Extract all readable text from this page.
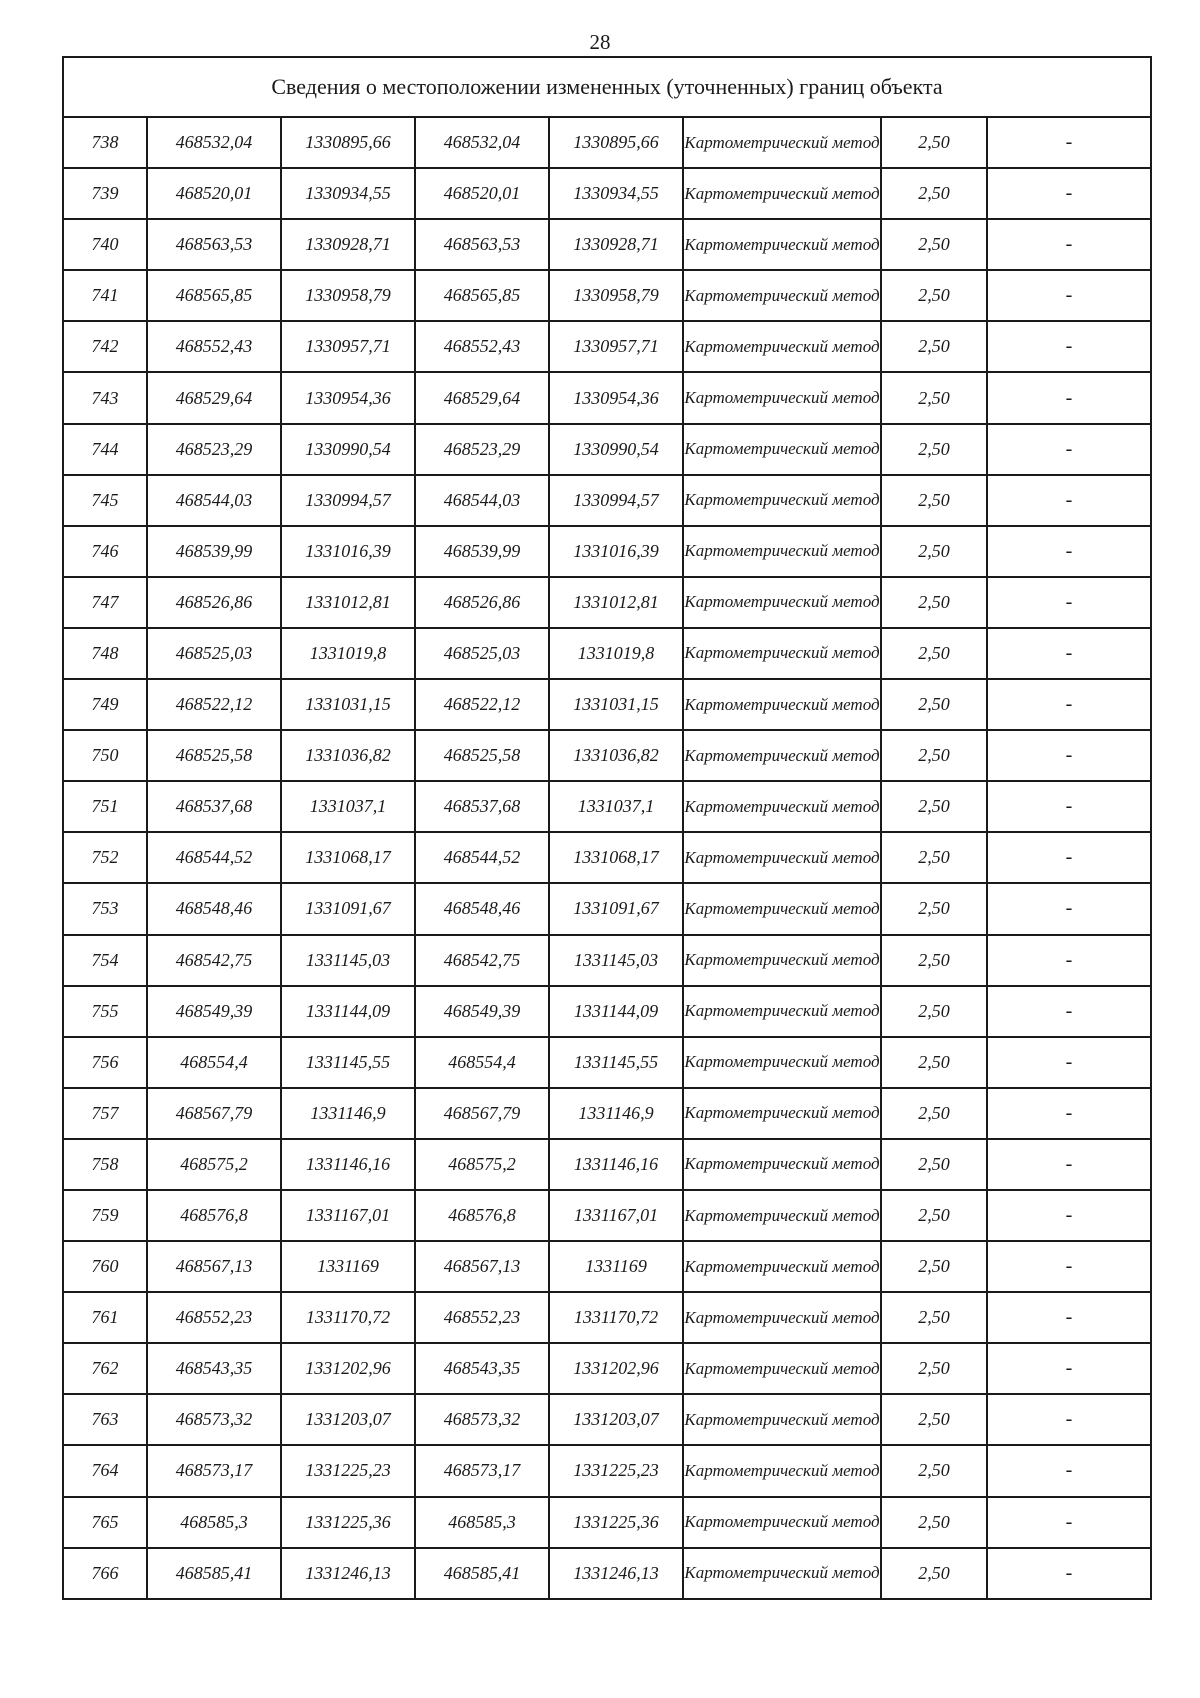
28
Сведения о местоположении измененных (уточненных) границ объекта							
738	468532,04	1330895,66	468532,04	1330895,66	Картометрический метод	2,50	-
739	468520,01	1330934,55	468520,01	1330934,55	Картометрический метод	2,50	-
740	468563,53	1330928,71	468563,53	1330928,71	Картометрический метод	2,50	-
741	468565,85	1330958,79	468565,85	1330958,79	Картометрический метод	2,50	-
742	468552,43	1330957,71	468552,43	1330957,71	Картометрический метод	2,50	-
743	468529,64	1330954,36	468529,64	1330954,36	Картометрический метод	2,50	-
744	468523,29	1330990,54	468523,29	1330990,54	Картометрический метод	2,50	-
745	468544,03	1330994,57	468544,03	1330994,57	Картометрический метод	2,50	-
746	468539,99	1331016,39	468539,99	1331016,39	Картометрический метод	2,50	-
747	468526,86	1331012,81	468526,86	1331012,81	Картометрический метод	2,50	-
748	468525,03	1331019,8	468525,03	1331019,8	Картометрический метод	2,50	-
749	468522,12	1331031,15	468522,12	1331031,15	Картометрический метод	2,50	-
750	468525,58	1331036,82	468525,58	1331036,82	Картометрический метод	2,50	-
751	468537,68	1331037,1	468537,68	1331037,1	Картометрический метод	2,50	-
752	468544,52	1331068,17	468544,52	1331068,17	Картометрический метод	2,50	-
753	468548,46	1331091,67	468548,46	1331091,67	Картометрический метод	2,50	-
754	468542,75	1331145,03	468542,75	1331145,03	Картометрический метод	2,50	-
755	468549,39	1331144,09	468549,39	1331144,09	Картометрический метод	2,50	-
756	468554,4	1331145,55	468554,4	1331145,55	Картометрический метод	2,50	-
757	468567,79	1331146,9	468567,79	1331146,9	Картометрический метод	2,50	-
758	468575,2	1331146,16	468575,2	1331146,16	Картометрический метод	2,50	-
759	468576,8	1331167,01	468576,8	1331167,01	Картометрический метод	2,50	-
760	468567,13	1331169	468567,13	1331169	Картометрический метод	2,50	-
761	468552,23	1331170,72	468552,23	1331170,72	Картометрический метод	2,50	-
762	468543,35	1331202,96	468543,35	1331202,96	Картометрический метод	2,50	-
763	468573,32	1331203,07	468573,32	1331203,07	Картометрический метод	2,50	-
764	468573,17	1331225,23	468573,17	1331225,23	Картометрический метод	2,50	-
765	468585,3	1331225,36	468585,3	1331225,36	Картометрический метод	2,50	-
766	468585,41	1331246,13	468585,41	1331246,13	Картометрический метод	2,50	-
